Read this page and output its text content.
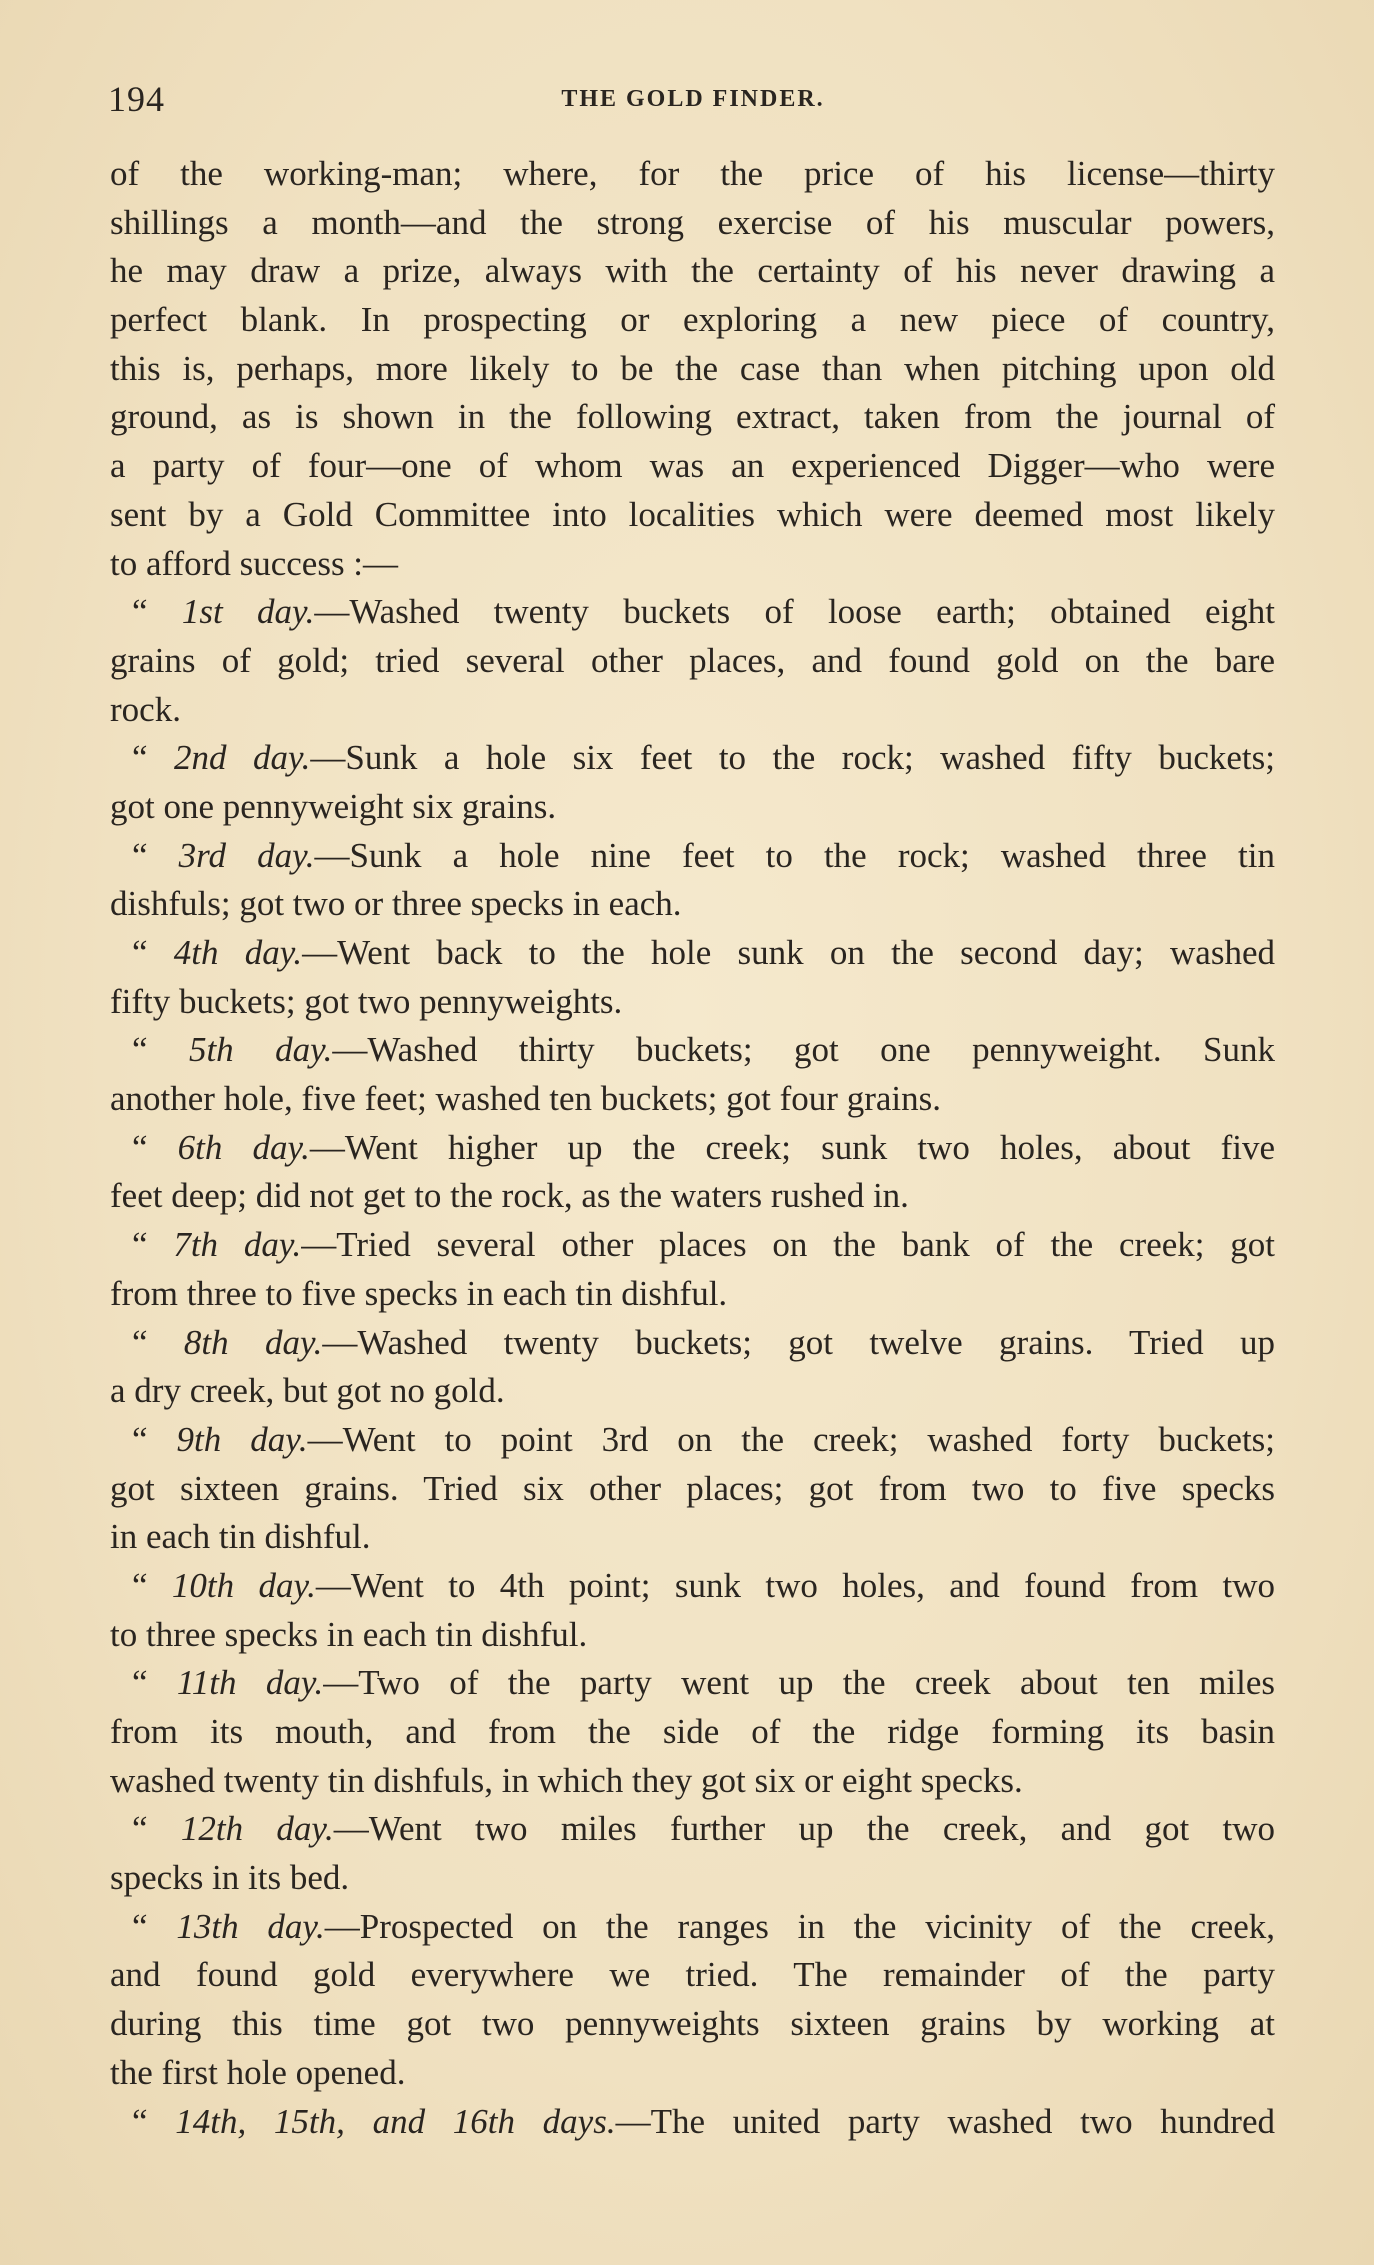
194	THE GOLD FINDER.
of the working-man; where, for the price of his license—thirty
shillings a month—and the strong exercise of his muscular powers,
he may draw a prize, always with the certainty of his never drawing a
perfect blank. In prospecting or exploring a new piece of country,
this is, perhaps, more likely to be the case than when pitching upon old
ground, as is shown in the following extract, taken from the journal of
a party of four—one of whom was an experienced Digger—who were
sent by a Gold Committee into localities which were deemed most likely
to afford success :—
“ 1st day.—Washed twenty buckets of loose earth; obtained eight
grains of gold; tried several other places, and found gold on the bare
rock.
“ 2nd day.—Sunk a hole six feet to the rock; washed fifty buckets;
got one pennyweight six grains.
“ 3rd day.—Sunk a hole nine feet to the rock; washed three tin
dishfuls; got two or three specks in each.
“ 4th day.—Went back to the hole sunk on the second day; washed
fifty buckets; got two pennyweights.
“ 5th day.—Washed thirty buckets; got one pennyweight. Sunk
another hole, five feet; washed ten buckets; got four grains.
“ 6th day.—Went higher up the creek; sunk two holes, about five
feet deep; did not get to the rock, as the waters rushed in.
“ 7th day.—Tried several other places on the bank of the creek; got
from three to five specks in each tin dishful.
“ 8th day.—Washed twenty buckets; got twelve grains. Tried up
a dry creek, but got no gold.
“ 9th day.—Went to point 3rd on the creek; washed forty buckets;
got sixteen grains. Tried six other places; got from two to five specks
in each tin dishful.
“ 10th day.—Went to 4th point; sunk two holes, and found from two
to three specks in each tin dishful.
“ 11th day.—Two of the party went up the creek about ten miles
from its mouth, and from the side of the ridge forming its basin
washed twenty tin dishfuls, in which they got six or eight specks.
“ 12th day.—Went two miles further up the creek, and got two
specks in its bed.
“ 13th day.—Prospected on the ranges in the vicinity of the creek,
and found gold everywhere we tried. The remainder of the party
during this time got two pennyweights sixteen grains by working at
the first hole opened.
“ 14th, 15th, and 16th days.—The united party washed two hundred
